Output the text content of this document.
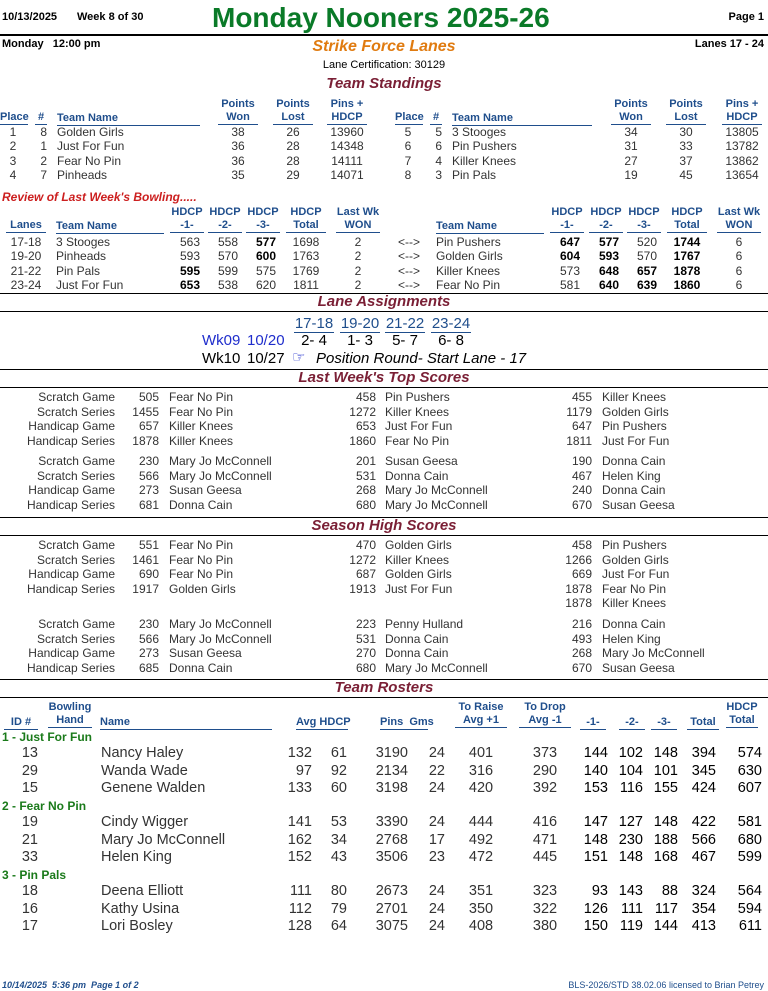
10/13/2025 Week 8 of 30 Monday Nooners 2025-26	Page 1
Monday   12:00 pm	Strike Force Lanes	Lanes 17 - 24
Lane Certification: 30129
Team Standings

Place
# Team Name
Points
Won
Points
Lost
Pins +
HDCP
1	8 Golden Girls	38	26	13960
2	1 Just For Fun	36	28	14348
3	2 Fear No Pin	36	28	14111
4	7 Pinheads	35	29	14071

Place
# Team Name
Points
Won
Points
Lost
Pins +
HDCP
5	5 3 Stooges	34	30	13805
6	6 Pin Pushers	31	33	13782
7	4 Killer Knees	27	37	13862
8	3 Pin Pals	19	45	13654
Review of Last Week's Bowling.....

Lanes	Team Name
HDCP
-1-
HDCP
-2-
HDCP
-3-
HDCP
Total
Last Wk
WON	Team Name
HDCP
-1-
HDCP
-2-
HDCP
-3-
HDCP
Total
Last Wk
WON
17-18	3 Stooges	563	558	577	1698	2	<-->	Pin Pushers	647	577	520	1744	6
19-20	Pinheads	593	570	600	1763	2	<-->	Golden Girls	604	593	570	1767	6
21-22	Pin Pals	595	599	575	1769	2	<-->	Killer Knees	573	648	657	1878	6
23-24	Just For Fun	653	538	620	1811	2	<-->	Fear No Pin	581	640	639	1860	6
Lane Assignments
17-18 19-20 21-22 23-24
Wk09 10/20	2- 4	1- 3	5- 7	6- 8
Wk10 10/27 ☞ Position Round- Start Lane - 17
Last Week's Top Scores
Scratch Game	505 Fear No Pin	458 Pin Pushers	455 Killer Knees
Scratch Series	1455 Fear No Pin	1272 Killer Knees	1179 Golden Girls
Handicap Game	657 Killer Knees	653 Just For Fun	647 Pin Pushers
Handicap Series	1878 Killer Knees	1860 Fear No Pin	1811 Just For Fun
Scratch Game	230 Mary Jo McConnell	201 Susan Geesa	190 Donna Cain
Scratch Series	566 Mary Jo McConnell	531 Donna Cain	467 Helen King
Handicap Game	273 Susan Geesa	268 Mary Jo McConnell	240 Donna Cain
Handicap Series	681 Donna Cain	680 Mary Jo McConnell	670 Susan Geesa
Season High Scores
Scratch Game	551 Fear No Pin	470 Golden Girls	458 Pin Pushers
Scratch Series	1461 Fear No Pin	1272 Killer Knees	1266 Golden Girls
Handicap Game	690 Fear No Pin	687 Golden Girls	669 Just For Fun
Handicap Series	1917 Golden Girls	1913 Just For Fun	1878 Fear No Pin
1878 Killer Knees
Scratch Game	230 Mary Jo McConnell	223 Penny Hulland	216 Donna Cain
Scratch Series	566 Mary Jo McConnell	531 Donna Cain	493 Helen King
Handicap Game	273 Susan Geesa	270 Donna Cain	268 Mary Jo McConnell
Handicap Series	685 Donna Cain	680 Mary Jo McConnell	670 Susan Geesa
Team Rosters
ID #
Bowling
Hand	Name	Avg HDCP	Pins  Gms
To Raise
Avg +1
To Drop
Avg -1	-1-	-2-	-3-	Total
HDCP
Total
1 - Just For Fun
13	Nancy Haley	132	61	3190	24	401	373	144 102 148 394	574
29	Wanda Wade	97	92	2134	22	316	290	140 104 101 345	630
15	Genene Walden	133	60	3198	24	420	392	153 116 155 424	607
2 - Fear No Pin
19	Cindy Wigger	141	53	3390	24	444	416	147 127 148 422	581
21	Mary Jo McConnell	162	34	2768	17	492	471	148 230 188 566	680
33	Helen King	152	43	3506	23	472	445	151 148 168 467	599
3 - Pin Pals
18	Deena Elliott	111	80	2673	24	351	323	93 143	88 324	564
16	Kathy Usina	112	79	2701	24	350	322	126 111 117 354	594
17	Lori Bosley	128	64	3075	24	408	380	150 119 144 413	611
10/14/2025  5:36 pm  Page 1 of 2	BLS-2026/STD 38.02.06 licensed to Brian Petrey
